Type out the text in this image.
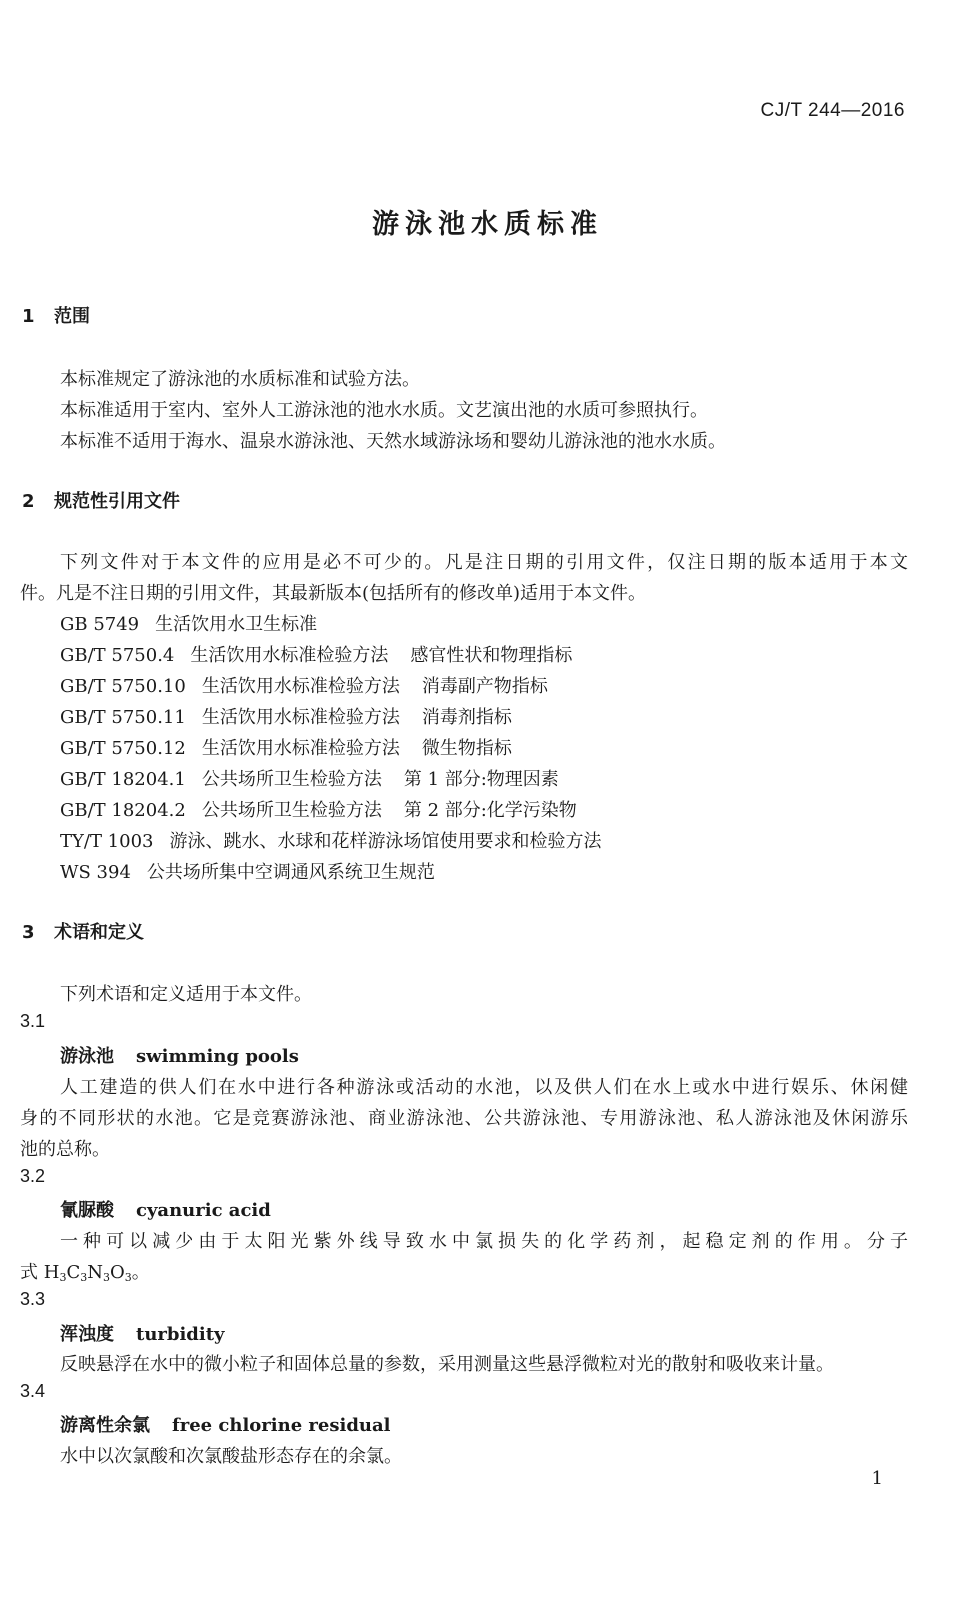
CJ/T 244—2016
游泳池水质标准
1 范围
本标准规定了游泳池的水质标准和试验方法。
本标准适用于室内、室外人工游泳池的池水水质。文艺演出池的水质可参照执行。
本标准不适用于海水、温泉水游泳池、天然水域游泳场和婴幼儿游泳池的池水水质。
2 规范性引用文件
下列文件对于本文件的应用是必不可少的。凡是注日期的引用文件，仅注日期的版本适用于本文
件。凡是不注日期的引用文件，其最新版本(包括所有的修改单)适用于本文件。
GB 5749 生活饮用水卫生标准
GB/T 5750.4 生活饮用水标准检验方法 感官性状和物理指标
GB/T 5750.10 生活饮用水标准检验方法 消毒副产物指标
GB/T 5750.11 生活饮用水标准检验方法 消毒剂指标
GB/T 5750.12 生活饮用水标准检验方法 微生物指标
GB/T 18204.1 公共场所卫生检验方法 第 1 部分:物理因素
GB/T 18204.2 公共场所卫生检验方法 第 2 部分:化学污染物
TY/T 1003 游泳、跳水、水球和花样游泳场馆使用要求和检验方法
WS 394 公共场所集中空调通风系统卫生规范
3 术语和定义
下列术语和定义适用于本文件。
3.1
游泳池 swimming pools
人工建造的供人们在水中进行各种游泳或活动的水池，以及供人们在水上或水中进行娱乐、休闲健
身的不同形状的水池。它是竞赛游泳池、商业游泳池、公共游泳池、专用游泳池、私人游泳池及休闲游乐
池的总称。
3.2
氰脲酸 cyanuric acid
一种可以减少由于太阳光紫外线导致水中氯损失的化学药剂，起稳定剂的作用。分子
式 $H_3C_3N_3O_3$。
3.3
浑浊度 turbidity
反映悬浮在水中的微小粒子和固体总量的参数，采用测量这些悬浮微粒对光的散射和吸收来计量。
3.4
游离性余氯 free chlorine residual
水中以次氯酸和次氯酸盐形态存在的余氯。
1
